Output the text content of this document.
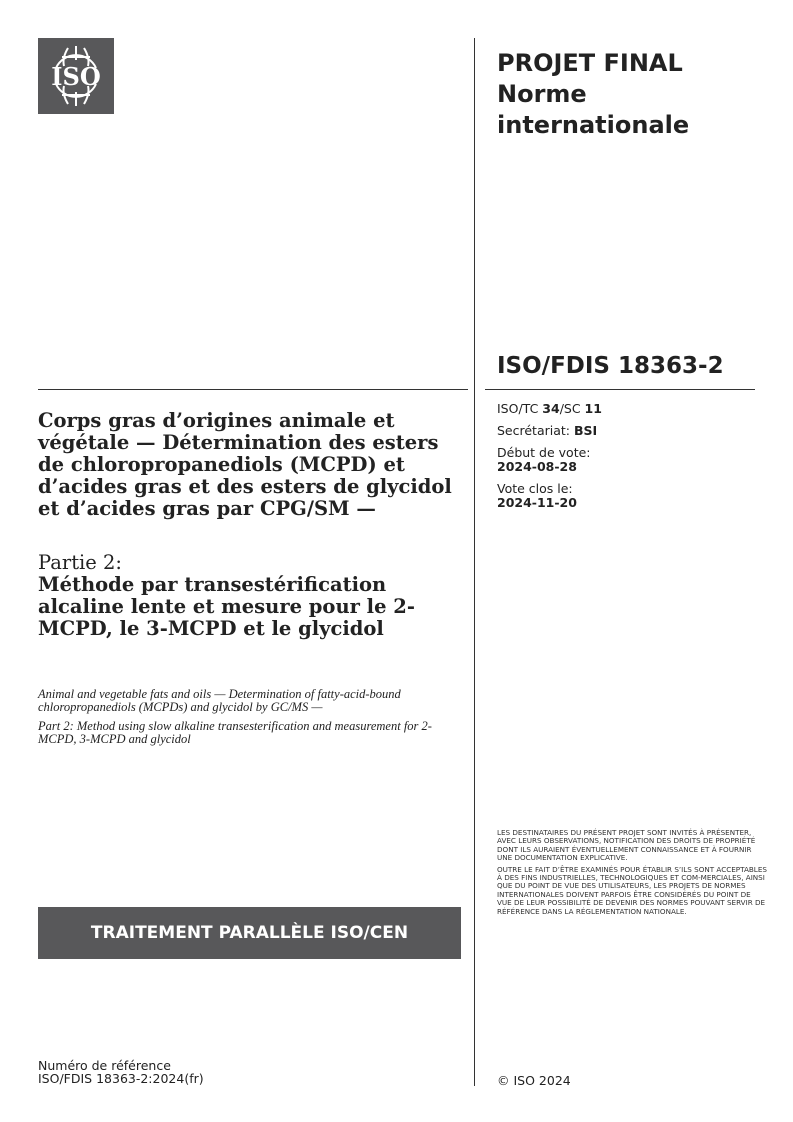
ISO	PROJET FINAL
Norme
internationale
ISO/FDIS 18363-2
ISO/TC 34/SC 11
Secrétariat: BSI
Début de vote:
2024-08-28
Vote clos le:
2024-11-20
Corps gras d’origines animale et végétale — Détermination des esters de chloropropanediols (MCPD) et d’acides gras et des esters de glycidol et d’acides gras par CPG/SM —
Partie 2:
Méthode par transestérification alcaline lente et mesure pour le 2-MCPD, le 3-MCPD et le glycidol

Animal and vegetable fats and oils — Determination of fatty-acid-bound chloropropanediols (MCPDs) and glycidol by GC/MS —

Part 2: Method using slow alkaline transesterification and measurement for 2-MCPD, 3-MCPD and glycidol

LES DESTINATAIRES DU PRÉSENT PROJET SONT INVITÉS À PRÉSENTER, AVEC LEURS OBSERVATIONS, NOTIFICATION DES DROITS DE PROPRIÉTÉ DONT ILS AURAIENT ÉVENTUELLEMENT CONNAISSANCE ET À FOURNIR UNE DOCUMENTATION EXPLICATIVE.

OUTRE LE FAIT D’ÊTRE EXAMINÉS POUR ÉTABLIR S’ILS SONT ACCEPTABLES À DES FINS INDUSTRIELLES, TECHNOLOGIQUES ET COM-MERCIALES, AINSI QUE DU POINT DE VUE DES UTILISATEURS, LES PROJETS DE NORMES INTERNATIONALES DOIVENT PARFOIS ÊTRE CONSIDÉRÉS DU POINT DE VUE DE LEUR POSSIBILITÉ DE DEVENIR DES NORMES POUVANT SERVIR DE RÉFÉRENCE DANS LA RÉGLEMENTATION NATIONALE.

TRAITEMENT PARALLÈLE ISO/CEN
Numéro de référence
ISO/FDIS 18363-2:2024(fr)	© ISO 2024
